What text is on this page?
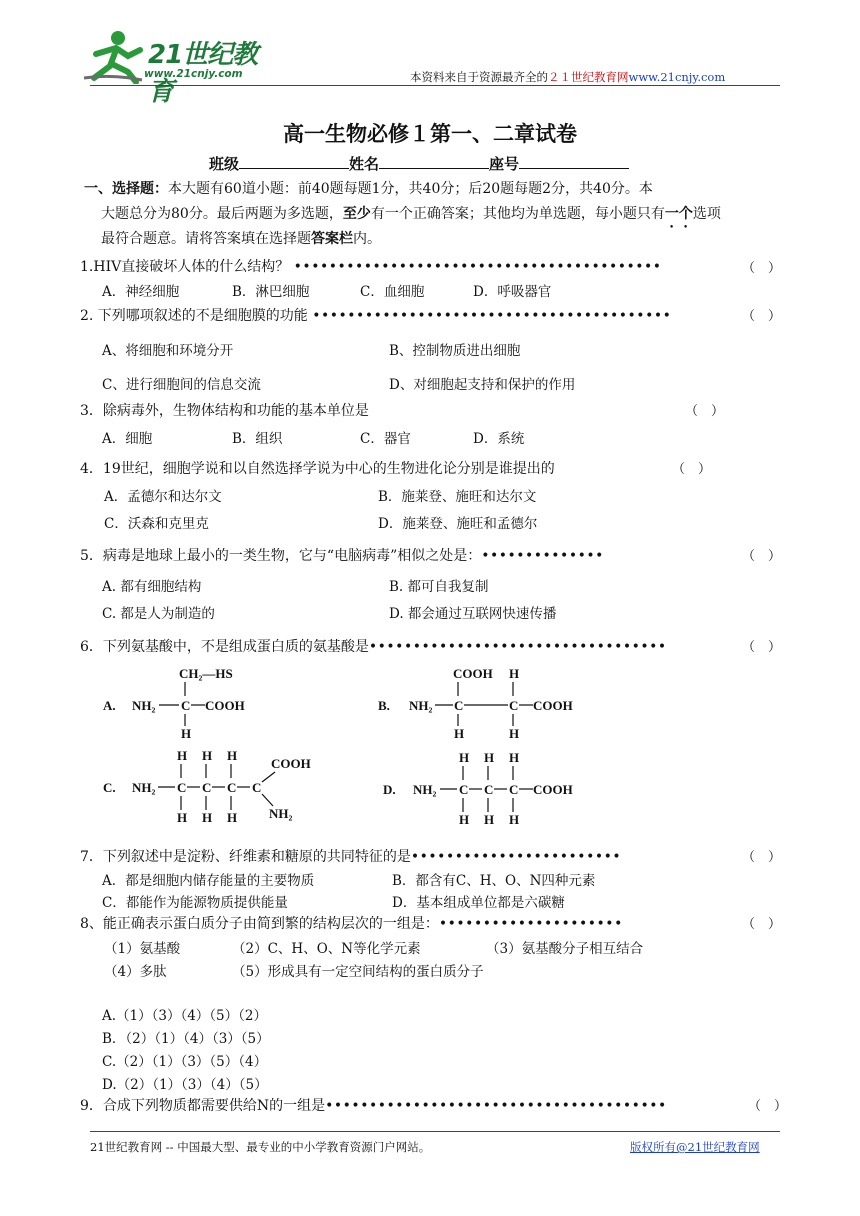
21世纪教育
www.21cnjy.com	本资料来自于资源最齐全的２１世纪教育网www.21cnjy.com
高一生物必修１第一、二章试卷
班级	姓名	座号
一、选择题：本大题有60道小题：前40题每题1分，共40分；后20题每题2分，共40分。本
大题总分为80分。最后两题为多选题，至少有一个正确答案；其他均为单选题，每小题只有一个选项
最符合题意。请将答案填在选择题答案栏内。
1.HIV直接破坏人体的什么结构？ ••••••••••••••••••••••••••••••••••••••••••	（　）
A．神经细胞	B．淋巴细胞	C．血细胞	D．呼吸器官
2. 下列哪项叙述的不是细胞膜的功能 •••••••••••••••••••••••••••••••••••••••••	（　）
A、将细胞和环境分开	B、控制物质进出细胞
C、进行细胞间的信息交流	D、对细胞起支持和保护的作用
3．除病毒外，生物体结构和功能的基本单位是	（　）
A．细胞	B．组织	C．器官	D．系统
4．19世纪，细胞学说和以自然选择学说为中心的生物进化论分别是谁提出的	（　）
A．孟德尔和达尔文	B．施莱登、施旺和达尔文
C．沃森和克里克	D．施莱登、施旺和孟德尔
5．病毒是地球上最小的一类生物，它与“电脑病毒”相似之处是：••••••••••••••	（　）
A. 都有细胞结构	B. 都可自我复制
C. 都是人为制造的	D. 都会通过互联网快速传播
6．下列氨基酸中，不是组成蛋白质的氨基酸是••••••••••••••••••••••••••••••••••	（　）
A.
CH₂—HS
NH₂ C COOH
H
B.
COOH H
NH₂ C	C COOH
H	H
C.
H H H
COOH
NH₂ C C C C
H H H NH₂
D.
H H H
NH₂ C C C COOH
H H H
7．下列叙述中是淀粉、纤维素和糖原的共同特征的是••••••••••••••••••••••••	（　）
A．都是细胞内储存能量的主要物质	B．都含有C、H、O、N四种元素
C．都能作为能源物质提供能量	D．基本组成单位都是六碳糖
8、能正确表示蛋白质分子由简到繁的结构层次的一组是：•••••••••••••••••••••	（　）
（1）氨基酸	（2）C、H、O、N等化学元素	（3）氨基酸分子相互结合
（4）多肽	（5）形成具有一定空间结构的蛋白质分子
A.（1）（3）（4）（5）（2）
B．（2）（1）（4）（3）（5）
C.（2）（1）（3）（5）（4）
D.（2）（1）（3）（4）（5）
9．合成下列物质都需要供给N的一组是•••••••••••••••••••••••••••••••••••••••	（　）
21世纪教育网 -- 中国最大型、最专业的中小学教育资源门户网站。	版权所有@21世纪教育网
